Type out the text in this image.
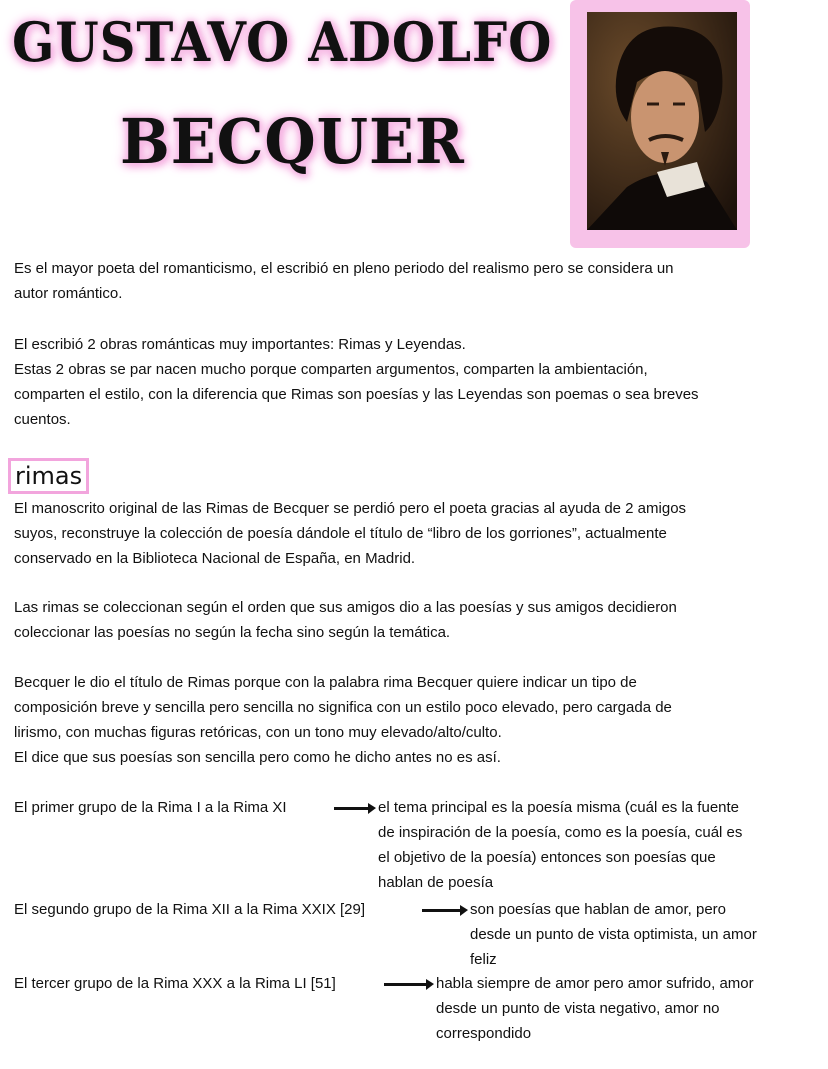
GUSTAVO ADOLFO
BECQUER
Es el mayor poeta del romanticismo, el escribió en pleno periodo del realismo pero se considera un
autor romántico.
El escribió 2 obras románticas muy importantes: Rimas y Leyendas.
Estas 2 obras se par nacen mucho porque comparten argumentos, comparten la ambientación,
comparten el estilo, con la diferencia que Rimas son poesías y las Leyendas son poemas o sea breves
cuentos.
El manoscrito original de las Rimas de Becquer se perdió pero el poeta gracias al ayuda de 2 amigos
suyos, reconstruye la colección de poesía dándole el título de “libro de los gorriones”, actualmente
conservado en la Biblioteca Nacional de España, en Madrid.
Las rimas se coleccionan según el orden que sus amigos dio a las poesías y sus amigos decidieron
coleccionar las poesías no según la fecha sino según la temática.
Becquer le dio el título de Rimas porque con la palabra rima Becquer quiere indicar un tipo de
composición breve y sencilla pero sencilla no significa con un estilo poco elevado, pero cargada de
lirismo, con muchas figuras retóricas, con un tono muy elevado/alto/culto.
El dice que sus poesías son sencilla pero como he dicho antes no es así.
El primer grupo de la Rima I a la Rima XI	el tema principal es la poesía misma (cuál es la fuente
de inspiración de la poesía, como es la poesía, cuál es
el objetivo de la poesía) entonces son poesías que
hablan de poesía
El segundo grupo de la Rima XII a la Rima XXIX [29]	son poesías que hablan de amor, pero
desde un punto de vista optimista, un amor
feliz
El tercer grupo de la Rima XXX a la Rima LI [51]	habla siempre de amor pero amor sufrido, amor
desde un punto de vista negativo, amor no
correspondido
rimas
